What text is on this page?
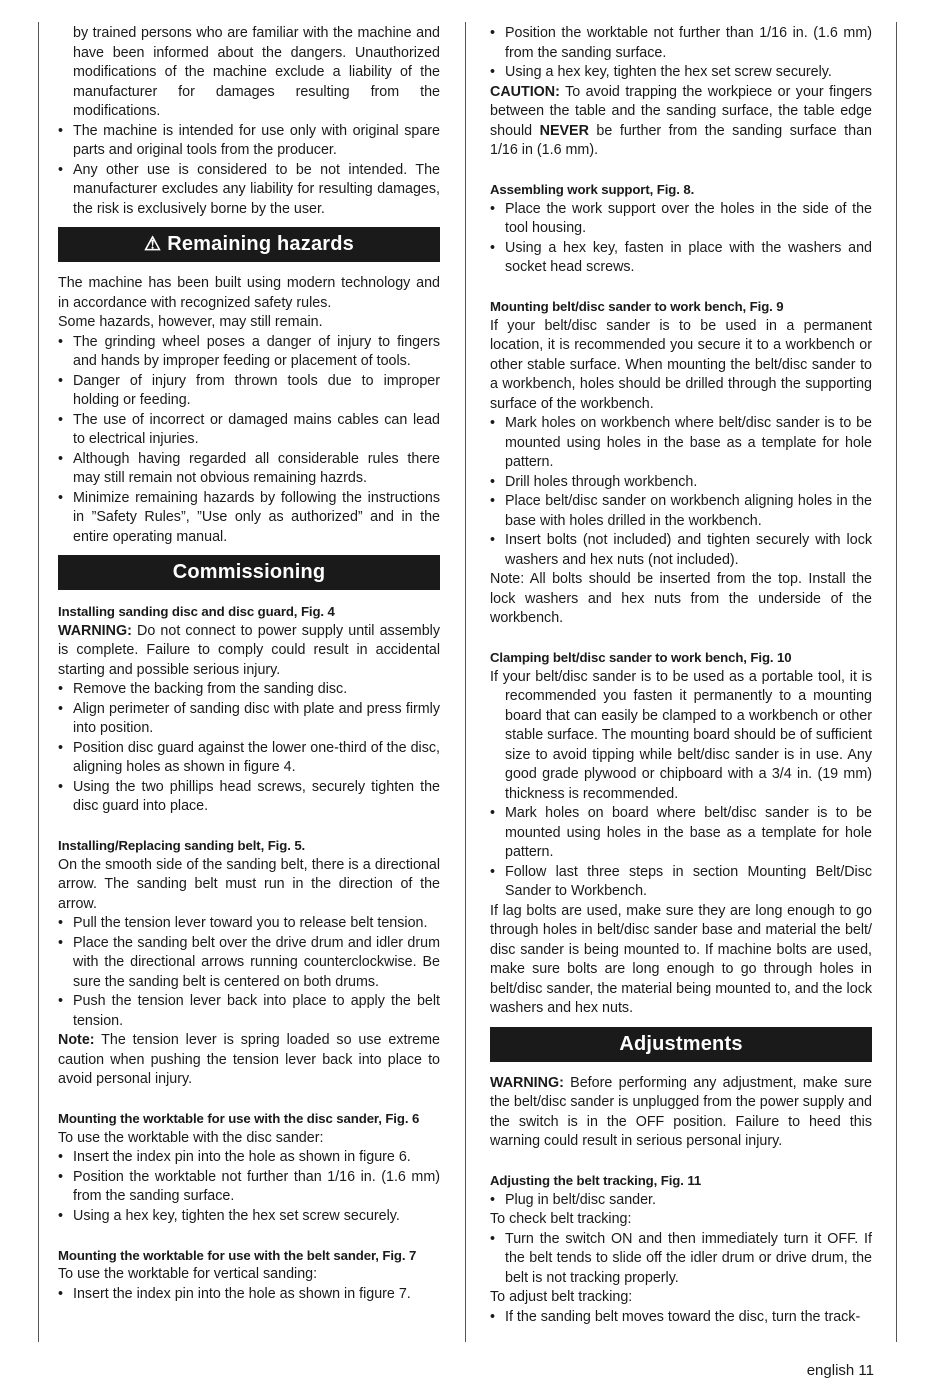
by trained persons who are familiar with the machine and have been informed about the dangers. Unauthorized modifications of the machine exclude a liability of the manufacturer for damages resulting from the modifications.

• The machine is intended for use only with original spare parts and original tools from the producer.

• Any other use is considered to be not intended. The manufacturer excludes any liability for resulting damages, the risk is exclusively borne by the user.

⚠ Remaining hazards

The machine has been built using modern technology and in accordance with recognized safety rules.

Some hazards, however, may still remain.

• The grinding wheel poses a danger of injury to fingers and hands by improper feeding or placement of tools.

• Danger of injury from thrown tools due to improper holding or feeding.

• The use of incorrect or damaged mains cables can lead to electrical injuries.

• Although having regarded all considerable rules there may still remain not obvious remaining hazrds.

• Minimize remaining hazards by following the instructions in ”Safety Rules”, ”Use only as authorized” and in the entire operating manual.

Commissioning

Installing sanding disc and disc guard, Fig. 4

WARNING: Do not connect to power supply until assembly is complete. Failure to comply could result in accidental starting and possible serious injury.

• Remove the backing from the sanding disc.

• Align perimeter of sanding disc with plate and press firmly into position.

• Position disc guard against the lower one-third of the disc, aligning holes as shown in figure 4.

• Using the two phillips head screws, securely tighten the disc guard into place.

Installing/Replacing sanding belt, Fig. 5.

On the smooth side of the sanding belt, there is a directional arrow. The sanding belt must run in the direction of the arrow.

• Pull the tension lever toward you to release belt tension.

• Place the sanding belt over the drive drum and idler drum with the directional arrows running counterclockwise. Be sure the sanding belt is centered on both drums.

• Push the tension lever back into place to apply the belt tension.

Note: The tension lever is spring loaded so use extreme caution when pushing the tension lever back into place to avoid personal injury.

Mounting the worktable for use with the disc sander, Fig. 6

To use the worktable with the disc sander:

• Insert the index pin into the hole as shown in figure 6.

• Position the worktable not further than 1/16 in. (1.6 mm) from the sanding surface.

• Using a hex key, tighten the hex set screw securely.

Mounting the worktable for use with the belt sander, Fig. 7

To use the worktable for vertical sanding:

• Insert the index pin into the hole as shown in figure 7.

• Position the worktable not further than 1/16 in. (1.6 mm) from the sanding surface.

• Using a hex key, tighten the hex set screw securely.

CAUTION: To avoid trapping the workpiece or your fingers between the table and the sanding surface, the table edge should NEVER be further from the sanding surface than 1/16 in (1.6 mm).

Assembling work support, Fig. 8.

• Place the work support over the holes in the side of the tool housing.

• Using a hex key, fasten in place with the washers and socket head screws.

Mounting belt/disc sander to work bench, Fig. 9

If your belt/disc sander is to be used in a permanent location, it is recommended you secure it to a workbench or other stable surface. When mounting the belt/disc sander to a workbench, holes should be drilled through the supporting surface of the workbench.

• Mark holes on workbench where belt/disc sander is to be mounted using holes in the base as a template for hole pattern.

• Drill holes through workbench.

• Place belt/disc sander on workbench aligning holes in the base with holes drilled in the workbench.

• Insert bolts (not included) and tighten securely with lock washers and hex nuts (not included).

Note: All bolts should be inserted from the top. Install the lock washers and hex nuts from the underside of the workbench.

Clamping belt/disc sander to work bench, Fig. 10

If your belt/disc sander is to be used as a portable tool, it is recommended you fasten it permanently to a mounting board that can easily be clamped to a workbench or other stable surface. The mounting board should be of sufficient size to avoid tipping while belt/disc sander is in use. Any good grade plywood or chipboard with a 3/4 in. (19 mm) thickness is recommended.

• Mark holes on board where belt/disc sander is to be mounted using holes in the base as a template for hole pattern.

• Follow last three steps in section Mounting Belt/Disc Sander to Workbench.

If lag bolts are used, make sure they are long enough to go through holes in belt/disc sander base and material the belt/ disc sander is being mounted to. If machine bolts are used, make sure bolts are long enough to go through holes in belt/disc sander, the material being mounted to, and the lock washers and hex nuts.

Adjustments

WARNING: Before performing any adjustment, make sure the belt/disc sander is unplugged from the power supply and the switch is in the OFF position. Failure to heed this warning could result in serious personal injury.

Adjusting the belt tracking, Fig. 11

• Plug in belt/disc sander.

To check belt tracking:

• Turn the switch ON and then immediately turn it OFF. If the belt tends to slide off the idler drum or drive drum, the belt is not tracking properly.

To adjust belt tracking:

• If the sanding belt moves toward the disc, turn the track-

english 11
